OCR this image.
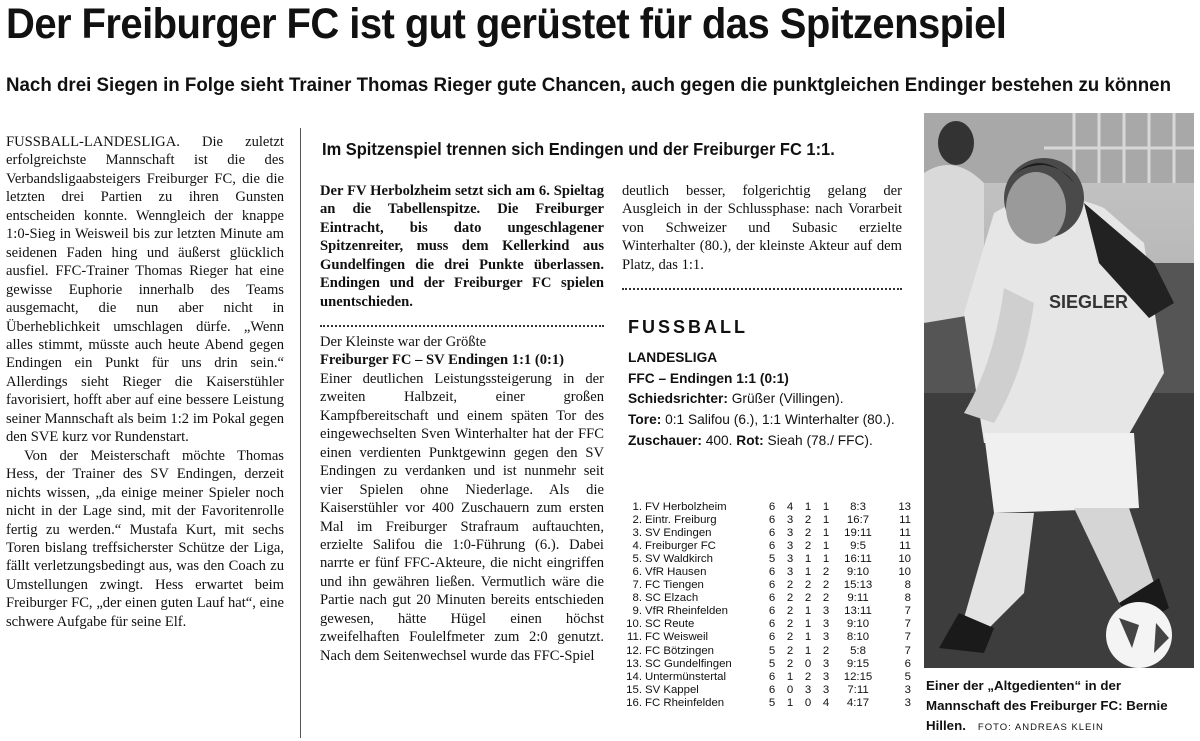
Der Freiburger FC ist gut gerüstet für das Spitzenspiel
Nach drei Siegen in Folge sieht Trainer Thomas Rieger gute Chancen, auch gegen die punktgleichen Endinger bestehen zu können

FUSSBALL-LANDESLIGA. Die zuletzt erfolgreichste Mannschaft ist die des Verbandsligaabsteigers Freiburger FC, die die letzten drei Partien zu ihren Gunsten entscheiden konnte. Wenngleich der knappe 1:0-Sieg in Weisweil bis zur letzten Minute am seidenen Faden hing und äußerst glücklich ausfiel. FFC-Trainer Thomas Rieger hat eine gewisse Euphorie innerhalb des Teams ausgemacht, die nun aber nicht in Überheblichkeit umschlagen dürfe. „Wenn alles stimmt, müsste auch heute Abend gegen Endingen ein Punkt für uns drin sein.“ Allerdings sieht Rieger die Kaiserstühler favorisiert, hofft aber auf eine bessere Leistung seiner Mannschaft als beim 1:2 im Pokal gegen den SVE kurz vor Rundenstart.

Von der Meisterschaft möchte Thomas Hess, der Trainer des SV Endingen, derzeit nichts wissen, „da einige meiner Spieler noch nicht in der Lage sind, mit der Favoritenrolle fertig zu werden.“ Mustafa Kurt, mit sechs Toren bislang treffsicherster Schütze der Liga, fällt verletzungsbedingt aus, was den Coach zu Umstellungen zwingt. Hess erwartet beim Freiburger FC, „der einen guten Lauf hat“, eine schwere Aufgabe für seine Elf.

Im Spitzenspiel trennen sich Endingen und der Freiburger FC 1:1.

Der FV Herbolzheim setzt sich am 6. Spieltag an die Tabellenspitze. Die Freiburger Eintracht, bis dato ungeschlagener Spitzenreiter, muss dem Kellerkind aus Gundelfingen die drei Punkte überlassen. Endingen und der Freiburger FC spielen unentschieden.

Der Kleinste war der Größte

Freiburger FC – SV Endingen 1:1 (0:1)

Einer deutlichen Leistungssteigerung in der zweiten Halbzeit, einer großen Kampfbereitschaft und einem späten Tor des eingewechselten Sven Winterhalter hat der FFC einen verdienten Punktgewinn gegen den SV Endingen zu verdanken und ist nunmehr seit vier Spielen ohne Niederlage. Als die Kaiserstühler vor 400 Zuschauern zum ersten Mal im Freiburger Strafraum auftauchten, erzielte Salifou die 1:0-Führung (6.). Dabei narrte er fünf FFC-Akteure, die nicht eingriffen und ihn gewähren ließen. Vermutlich wäre die Partie nach gut 20 Minuten bereits entschieden gewesen, hätte Hügel einen höchst zweifelhaften Foulelfmeter zum 2:0 genutzt. Nach dem Seitenwechsel wurde das FFC-Spiel

deutlich besser, folgerichtig gelang der Ausgleich in der Schlussphase: nach Vorarbeit von Schweizer und Subasic erzielte Winterhalter (80.), der kleinste Akteur auf dem Platz, das 1:1.

FUSSBALL

LANDESLIGA

FFC – Endingen 1:1 (0:1)

Schiedsrichter: Grüßer (Villingen).

Tore: 0:1 Salifou (6.), 1:1 Winterhalter (80.). Zuschauer: 400. Rot: Sieah (78./ FFC).

1.	FV Herbolzheim	6	4	1	1	8:3	13
2.	Eintr. Freiburg	6	3	2	1	16:7	11
3.	SV Endingen	6	3	2	1	19:11	11
4.	Freiburger FC	6	3	2	1	9:5	11
5.	SV Waldkirch	5	3	1	1	16:11	10
6.	VfR Hausen	6	3	1	2	9:10	10
7.	FC Tiengen	6	2	2	2	15:13	8
8.	SC Elzach	6	2	2	2	9:11	8
9.	VfR Rheinfelden	6	2	1	3	13:11	7
10.	SC Reute	6	2	1	3	9:10	7
11.	FC Weisweil	6	2	1	3	8:10	7
12.	FC Bötzingen	5	2	1	2	5:8	7
13.	SC Gundelfingen	5	2	0	3	9:15	6
14.	Untermünstertal	6	1	2	3	12:15	5
15.	SV Kappel	6	0	3	3	7:11	3
16.	FC Rheinfelden	5	1	0	4	4:17	3
SIEGLER

Einer der „Altgedienten“ in der Mannschaft des Freiburger FC: Bernie Hillen. FOTO: ANDREAS KLEIN
